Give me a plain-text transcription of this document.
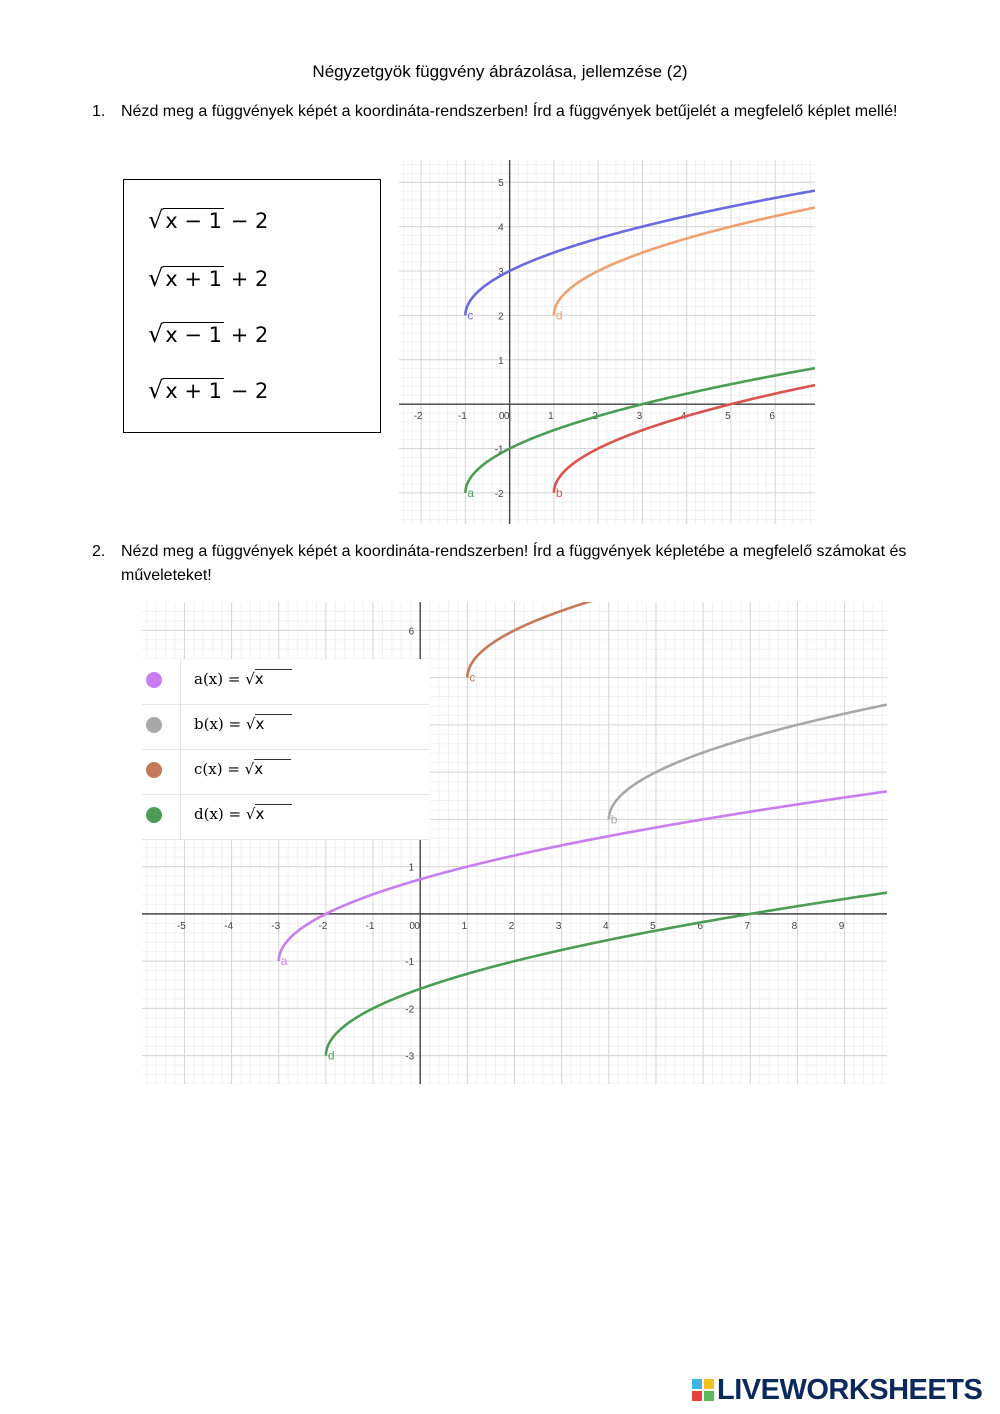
Négyzetgyök függvény ábrázolása, jellemzése (2)
1. Nézd meg a függvények képét a koordináta-rendszerben! Írd a függvények betűjelét a megfelelő képlet mellé!
√x − 1 − 2
√x + 1 + 2
√x − 1 + 2
√x + 1 − 2
-2	-1	0	1	2	3	4	5	6
0
-2
-1
1
2
3
4
5
c	d
a	b
2. Nézd meg a függvények képét a koordináta-rendszerben! Írd a függvények képletébe a megfelelő számokat és műveleteket!
-5	-4	-3	-2	-1	0	1	2	3	4	5	6	7	8	9
0
-3
-2
-1
1
6
a
b
c
d
a(x) = √x
b(x) = √x
c(x) = √x
d(x) = √x
LIVEWORKSHEETS
